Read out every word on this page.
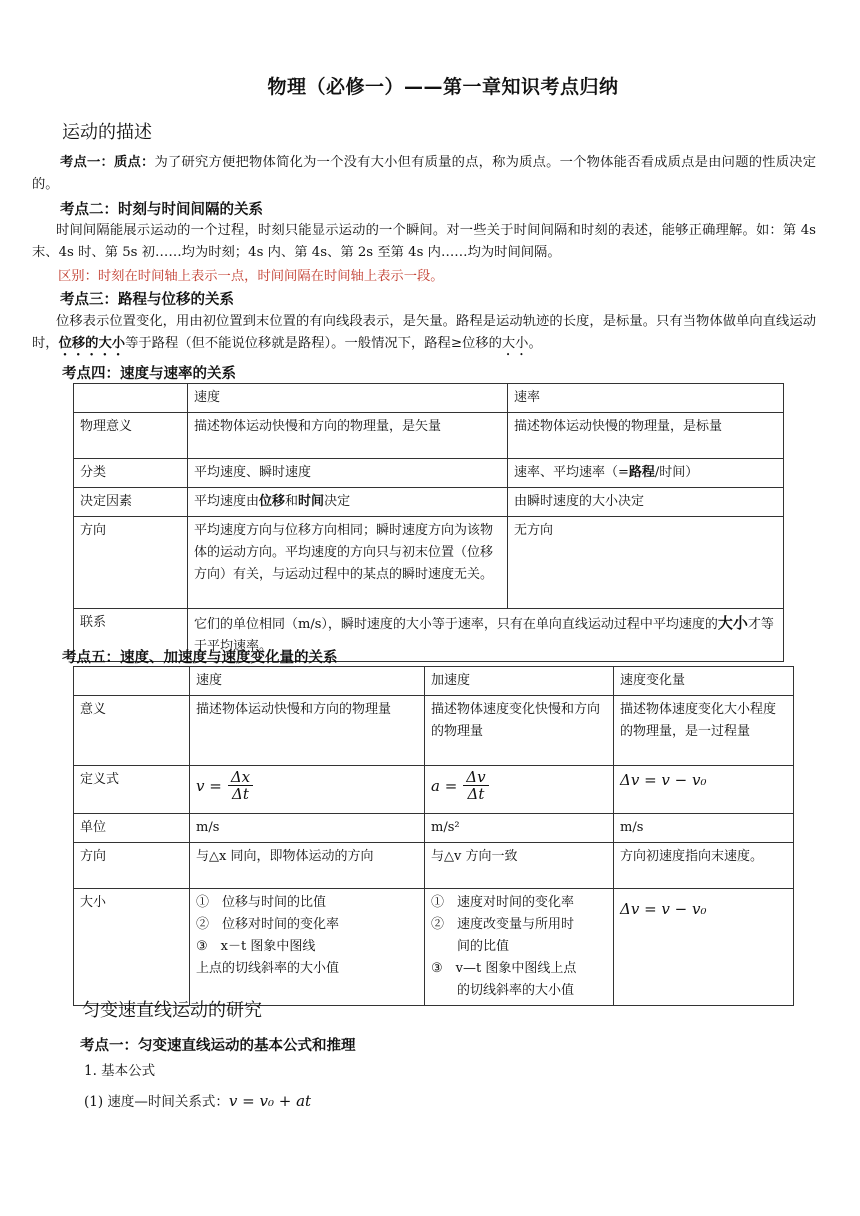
物理（必修一）——第一章知识考点归纳
运动的描述
考点一：质点：为了研究方便把物体简化为一个没有大小但有质量的点，称为质点。一个物体能否看成质点是由问题的性质决定的。
考点二：时刻与时间间隔的关系
时间间隔能展示运动的一个过程，时刻只能显示运动的一个瞬间。对一些关于时间间隔和时刻的表述，能够正确理解。如：第 4s 末、4s 时、第 5s 初……均为时刻；4s 内、第 4s、第 2s 至第 4s 内……均为时间间隔。
区别：时刻在时间轴上表示一点，时间间隔在时间轴上表示一段。
考点三：路程与位移的关系
位移表示位置变化，用由初位置到末位置的有向线段表示，是矢量。路程是运动轨迹的长度，是标量。只有当物体做单向直线运动时，位移的大小等于路程（但不能说位移就是路程）。一般情况下，路程≥位移的大小。
考点四：速度与速率的关系
	速度	速率
物理意义	描述物体运动快慢和方向的物理量，是矢量	描述物体运动快慢的物理量，是标量
分类	平均速度、瞬时速度	速率、平均速率（=路程/时间）
决定因素	平均速度由位移和时间决定	由瞬时速度的大小决定
方向	平均速度方向与位移方向相同；瞬时速度方向为该物体的运动方向。平均速度的方向只与初末位置（位移方向）有关，与运动过程中的某点的瞬时速度无关。	无方向
联系	它们的单位相同（m/s），瞬时速度的大小等于速率，只有在单向直线运动过程中平均速度的大小才等于平均速率。	
考点五：速度、加速度与速度变化量的关系
	速度	加速度	速度变化量
意义	描述物体运动快慢和方向的物理量	描述物体速度变化快慢和方向的物理量	描述物体速度变化大小程度的物理量，是一过程量
定义式	$v = \frac{\Delta x}{\Delta t}$	$a = \frac{\Delta v}{\Delta t}$	Δv = v − v₀
单位	m/s	m/s²	m/s
方向	与△x 同向，即物体运动的方向	与△v 方向一致	方向初速度指向末速度。
大小	①　位移与时间的比值
②　位移对时间的变化率
③　x－t 图象中图线
上点的切线斜率的大小值	①　速度对时间的变化率
②　速度改变量与所用时
　　间的比值
③　v—t 图象中图线上点
　　的切线斜率的大小值	Δv = v − v₀
匀变速直线运动的研究
考点一：匀变速直线运动的基本公式和推理
1. 基本公式
(1) 速度—时间关系式：v = v₀ + at
